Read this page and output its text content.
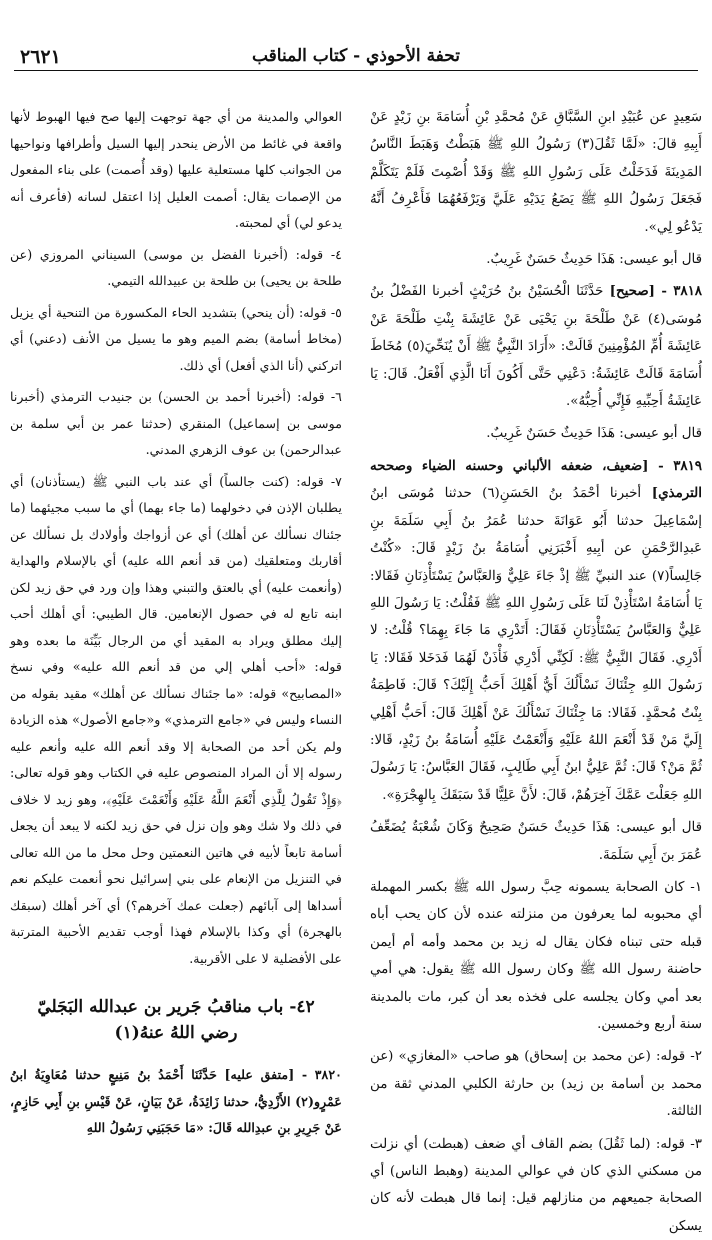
٢٦٢١	تحفة الأحوذي - كتاب المناقب

سَعِيدٍ عن عُبَيْدِ ابنِ السَّبَّاقِ عَنْ مُحمَّدِ بْنِ أُسَامَةَ بنِ زَيْدٍ عَنْ أَبِيهِ قالَ: «لَمَّا ثَقُلَ(٣) رَسُولُ اللهِ ﷺ هَبَطْتُ وَهَبَطَ النَّاسُ المَدِينَةَ فَدَخَلْتُ عَلَى رَسُولِ اللهِ ﷺ وَقَدْ أُصْمِتَ فَلَمْ يَتَكَلَّمْ فَجَعَلَ رَسُولُ اللهِ ﷺ يَضَعُ يَدَيْهِ عَلَيَّ وَيَرْفَعُهُمَا فَأَعْرِفُ أَنَّهُ يَدْعُو لِي».

قال أبو عيسى: هَذَا حَدِيثٌ حَسَنٌ غَرِيبٌ.

٣٨١٨ - [صحيح] حَدَّثَنَا الْحُسَيْنُ بنُ حُرَيْثٍ أخبرنا الفَضْلُ بنُ مُوسَى(٤) عَنْ طَلْحَةَ بنِ يَحْيَى عَنْ عَائِشَةَ بِنْتِ طَلْحَةَ عَنْ عَائِشَةَ أُمِّ المُؤْمِنِينَ قَالَتْ: «أَرَادَ النَّبِيُّ ﷺ أَنْ يُنَحِّيَ(٥) مُخَاطَ أُسَامَةَ قَالَتْ عَائِشَةُ: دَعْنِي حَتَّى أَكُونَ أَنَا الَّذِي أَفْعَلُ. قَالَ: يَا عَائِشَةُ أَحِبِّيهِ فَإِنِّي أُحِبُّهُ».

قال أبو عيسى: هَذَا حَدِيثٌ حَسَنٌ غَرِيبٌ.

٣٨١٩ - [ضعيف، ضعفه الألباني وحسنه الضياء وصححه الترمذي] أخبرنا أحْمَدُ بنُ الحَسَنِ(٦) حدثنا مُوسَى ابنُ إسْمَاعِيلَ حدثنا أَبُو عَوَانَةَ حدثنا عُمَرُ بنُ أَبِي سَلَمَةَ بنِ عَبدِالرَّحْمَنِ عن أبِيهِ أَخْبَرَنِي أُسَامَةُ بنُ زَيْدٍ قَالَ: «كُنْتُ جَالِساً(٧) عند النبيِّ ﷺ إذْ جَاءَ عَلِيٌّ وَالعَبَّاسُ يَسْتَأْذِنَانِ فَقَالا: يَا أُسَامَةُ اسْتَأْذِنْ لَنَا عَلَى رَسُولِ اللهِ ﷺ فَقُلْتُ: يَا رَسُولَ اللهِ عَلِيٌّ وَالعَبَّاسُ يَسْتَأْذِنَانِ فَقَالَ: أَتَدْرِي مَا جَاءَ بِهِمَا؟ قُلْتُ: لا أَدْرِي. فَقَالَ النَّبِيُّ ﷺ: لَكِنِّي أَدْرِي فَأْذَنْ لَهُمَا فَدَخَلا فَقَالا: يَا رَسُولَ اللهِ جِئْنَاكَ نَسْأَلُكَ أَيُّ أَهْلِكَ أَحَبُّ إِلَيْكَ؟ قَالَ: فَاطِمَةُ بِنْتُ مُحمَّدٍ. فَقَالا: مَا جِئْنَاكَ نَسْأَلُكَ عَنْ أَهْلِكَ قَالَ: أَحَبُّ أَهْلِي إِلَيَّ مَنْ قَدْ أَنْعَمَ اللهُ عَلَيْهِ وَأَنْعَمْتُ عَلَيْهِ أُسَامَةُ بنُ زَيْدٍ، قَالا: ثُمَّ مَنْ؟ قَالَ: ثُمَّ عَلِيُّ ابنُ أَبِي طَالِبٍ، فَقَالَ العَبَّاسُ: يَا رَسُولَ اللهِ جَعَلْتَ عَمَّكَ آخِرَهُمْ، قَالَ: لأَنَّ عَلِيًّا قَدْ سَبَقَكَ بِالهِجْرَةِ».

قال أبو عيسى: هَذَا حَدِيثٌ حَسَنٌ صَحِيحٌ وَكَانَ شُعْبَةُ يُضَعِّفُ عُمَرَ بنَ أَبِي سَلَمَةَ.

١- كان الصحابة يسمونه حِبَّ رسول الله ﷺ بكسر المهملة أي محبوبه لما يعرفون من منزلته عنده لأن كان يحب أباه قبله حتى تبناه فكان يقال له زيد بن محمد وأمه أم أيمن حاضنة رسول الله ﷺ وكان رسول الله ﷺ يقول: هي أمي بعد أمي وكان يجلسه على فخذه بعد أن كبر، مات بالمدينة سنة أربع وخمسين.

٢- قوله: (عن محمد بن إسحاق) هو صاحب «المغازي» (عن محمد بن أسامة بن زيد) بن حارثة الكلبي المدني ثقة من الثالثة.

٣- قوله: (لما ثَقُلَ) بضم القاف أي ضعف (هبطت) أي نزلت من مسكني الذي كان في عوالي المدينة (وهبط الناس) أي الصحابة جميعهم من منازلهم قيل: إنما قال هبطت لأنه كان يسكن

العوالي والمدينة من أي جهة توجهت إليها صح فيها الهبوط لأنها واقعة في غائط من الأرض ينحدر إليها السيل وأطرافها ونواحيها من الجوانب كلها مستعلية عليها (وقد أُصمت) على بناء المفعول من الإصمات يقال: أصمت العليل إذا اعتقل لسانه (فأعرف أنه يدعو لي) أي لمحبته.

٤- قوله: (أخبرنا الفضل بن موسى) السيناني المروزي (عن طلحة بن يحيى) بن طلحة بن عبيدالله التيمي.

٥- قوله: (أن ينحي) بتشديد الحاء المكسورة من التنحية أي يزيل (مخاط أسامة) بضم الميم وهو ما يسيل من الأنف (دعني) أي اتركني (أنا الذي أفعل) أي ذلك.

٦- قوله: (أخبرنا أحمد بن الحسن) بن جنيدب الترمذي (أخبرنا موسى بن إسماعيل) المنقري (حدثنا عمر بن أبي سلمة بن عبدالرحمن) بن عوف الزهري المدني.

٧- قوله: (كنت جالساً) أي عند باب النبي ﷺ (يستأذنان) أي يطلبان الإذن في دخولهما (ما جاء بهما) أي ما سبب مجيئهما (ما جئناك نسألك عن أهلك) أي عن أزواجك وأولادك بل نسألك عن أقاربك ومتعلقيك (من قد أنعم الله عليه) أي بالإسلام والهداية (وأنعمت عليه) أي بالعتق والتبني وهذا وإن ورد في حق زيد لكن ابنه تابع له في حصول الإنعامين. قال الطيبي: أي أهلك أحب إليك مطلق ويراد به المقيد أي من الرجال بَيِّنَة ما بعده وهو قوله: «أحب أهلي إلي من قد أنعم الله عليه» وفي نسخ «المصابيح» قوله: «ما جئناك نسألك عن أهلك» مقيد بقوله من النساء وليس في «جامع الترمذي» و«جامع الأصول» هذه الزيادة ولم يكن أحد من الصحابة إلا وقد أنعم الله عليه وأنعم عليه رسوله إلا أن المراد المنصوص عليه في الكتاب وهو قوله تعالى: ﴿وَإِذْ تَقُولُ لِلَّذِي أَنْعَمَ اللَّهُ عَلَيْهِ وَأَنْعَمْتَ عَلَيْهِ﴾، وهو زيد لا خلاف في ذلك ولا شك وهو وإن نزل في حق زيد لكنه لا يبعد أن يجعل أسامة تابعاً لأبيه في هاتين النعمتين وحل محل ما من الله تعالى في التنزيل من الإنعام على بني إسرائيل نحو أنعمت عليكم نعم أسداها إلى آبائهم (جعلت عمك آخرهم؟) أي آخر أهلك (سبقك بالهجرة) أي وكذا بالإسلام فهذا أوجب تقديم الأحبية المترتبة على الأفضلية لا على الأقربية.

٤٢- باب مناقبُ جَرير بن عبدالله البَجَليّ
رضي اللهُ عنهُ(١)

٣٨٢٠ - [متفق عليه] حَدَّثَنَا أَحْمَدُ بنُ مَنِيعٍ حدثنا مُعَاوِيَةُ ابنُ عَمْرٍو(٢) الأَزْدِيُّ، حدثنا زَائِدَةُ، عَنْ بَيَانٍ، عَنْ قَيْسِ بنِ أَبِي حَازِمٍ، عَنْ جَرِيرِ بنِ عبدِالله قَالَ: «مَا حَجَبَنِي رَسُولُ اللهِ
